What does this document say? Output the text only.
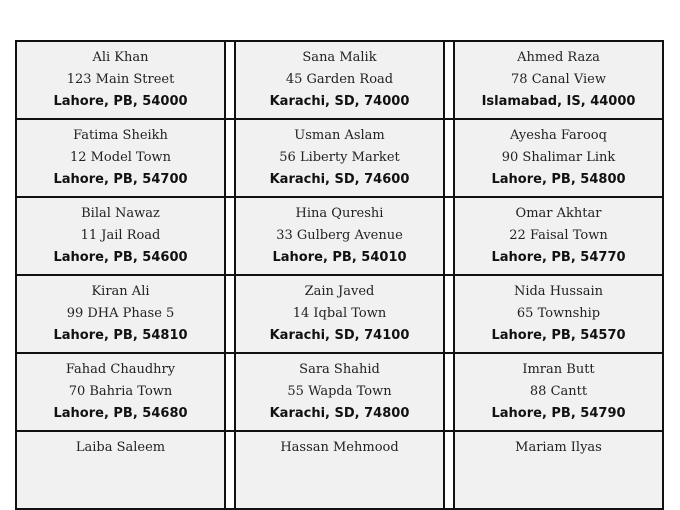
Ali Khan
123 Main Street
Lahore, PB, 54000		Sana Malik
45 Garden Road
Karachi, SD, 74000		Ahmed Raza
78 Canal View
Islamabad, IS, 44000

Fatima Sheikh
12 Model Town
Lahore, PB, 54700		Usman Aslam
56 Liberty Market
Karachi, SD, 74600		Ayesha Farooq
90 Shalimar Link
Lahore, PB, 54800

Bilal Nawaz
11 Jail Road
Lahore, PB, 54600		Hina Qureshi
33 Gulberg Avenue
Lahore, PB, 54010		Omar Akhtar
22 Faisal Town
Lahore, PB, 54770

Kiran Ali
99 DHA Phase 5
Lahore, PB, 54810		Zain Javed
14 Iqbal Town
Karachi, SD, 74100		Nida Hussain
65 Township
Lahore, PB, 54570

Fahad Chaudhry
70 Bahria Town
Lahore, PB, 54680		Sara Shahid
55 Wapda Town
Karachi, SD, 74800		Imran Butt
88 Cantt
Lahore, PB, 54790

Laiba Saleem		Hassan Mehmood		Mariam Ilyas
